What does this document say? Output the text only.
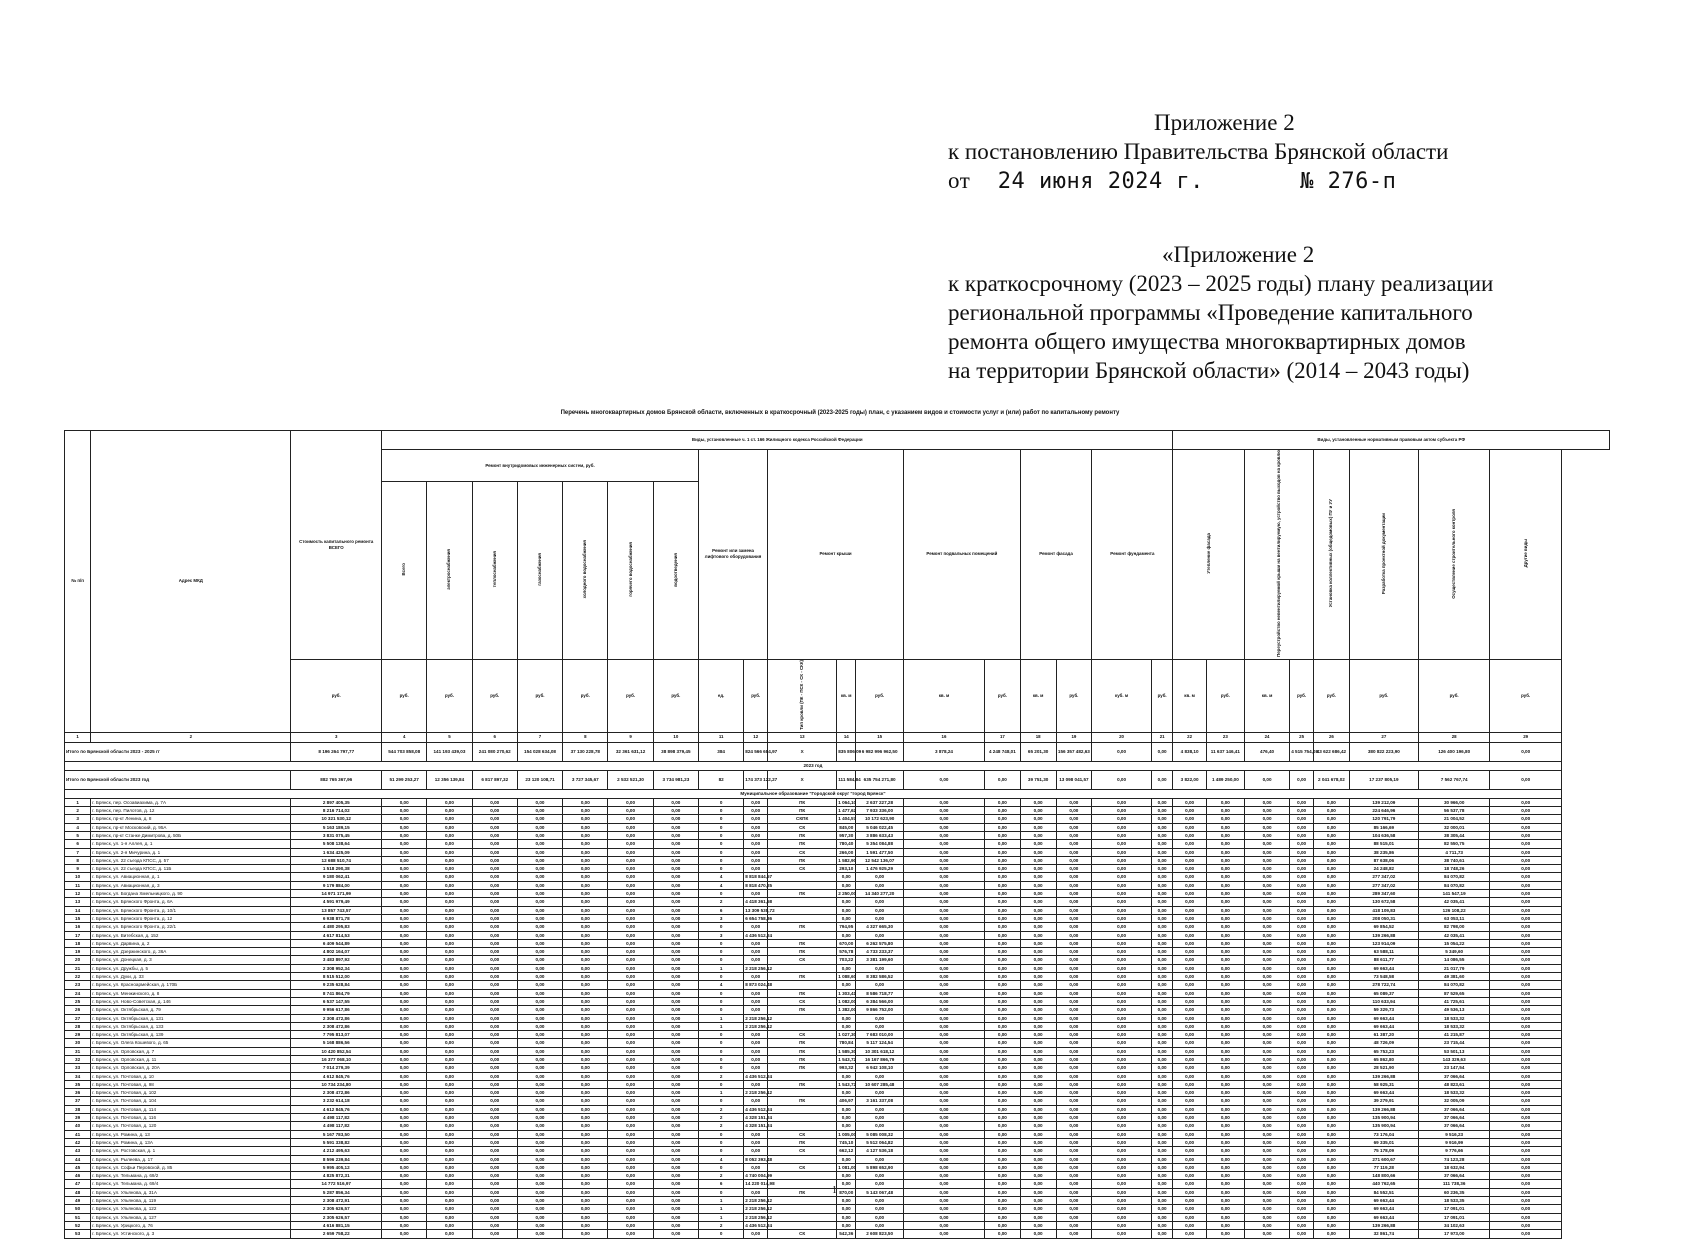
Приложение 2
к постановлению Правительства Брянской области
от 24 июня 2024 г.	№ 276-п
«Приложение 2
к краткосрочному (2023 – 2025 годы) плану реализации
региональной программы «Проведение капитального
ремонта общего имущества многоквартирных домов
на территории Брянской области» (2014 – 2043 годы)
Перечень многоквартирных домов Брянской области, включенных в краткосрочный (2023-2025 годы) план, с указанием видов и стоимости услуг и (или) работ по капитальному ремонту
№ п/п	Адрес МКД	Стоимость капитального ремонта ВСЕГО	Виды, установленные ч. 1 ст. 166 Жилищного кодекса Российской Федерации																		Виды, установленные нормативным правовым актом субъекта РФ							
			Ремонт внутридомовых инженерных систем, руб.							Ремонт или замена лифтового оборудования		Ремонт крыши			Ремонт подвальных помещений		Ремонт фасада		Ремонт фундамента		Утепление фасада		Переустройство невентилируемой крыши на вентилируемую, устройство выходов на кровлю		Установка коллективных (общедомовых) ПУ и УУ	Разработка проектной документации	Осуществление строительного контроля	Другие виды
			Всего	электроснабжения	теплоснабжения	газоснабжения	холодного водоснабжения	горячего водоснабжения	водоотведения																			
		руб.	руб.	руб.	руб.	руб.	руб.	руб.	руб.	ед.	руб.	Тип кровли (ПК - ПСК - СК - СКК)	кв. м	руб.	кв. м	руб.	кв. м	руб.	куб. м	руб.	кв. м	руб.	кв. м	руб.	руб.	руб.	руб.	руб.
1	2	3	4	5	6	7	8	9	10	11	12	13	14	15	16	17	18	19	20	21	22	23	24	25	26	27	28	29
Итого по Брянской области 2023 - 2025 гг		8 196 264 797,77	544 703 858,08	141 193 439,03	241 080 270,62	154 028 634,08	37 130 228,78	32 361 631,12	38 898 379,45	384	824 566 684,97	Х	835 806,09	6 982 996 962,50	3 878,24	4 248 748,01	65 201,30	156 357 482,63	0,00	0,00	4 838,10	11 637 146,41	476,40	4 515 754,08	43 622 686,42	380 822 223,90	126 400 196,80	0,00
2023 год																												
Итого по Брянской области 2023 год		882 765 367,96	51 299 253,27	12 356 139,84	6 817 897,32	23 120 108,71	3 727 345,67	2 532 521,30	3 734 981,23	82	174 373 122,27	Х	111 584,84	635 754 271,80	0,00	0,00	39 751,30	13 098 041,57	0,00	0,00	3 822,00	1 489 250,00	0,00	0,00	2 041 678,02	17 237 805,19	7 562 767,74	0,00
Муниципальное образование "Городской округ "город Брянск"																												
1	г. Брянск, пер. Осоавиахима, д. 7А	2 897 405,35	0,00	0,00	0,00	0,00	0,00	0,00	0,00	0	0,00	ПК	1 064,10	2 637 227,28	0,00	0,00	0,00	0,00	0,00	0,00	0,00	0,00	0,00	0,00	0,00	139 212,09	30 966,00	0,00
2	г. Брянск, пер. Пилотов, д. 12	8 216 714,02	0,00	0,00	0,00	0,00	0,00	0,00	0,00	0	0,00	ПК	1 477,62	7 933 336,00	0,00	0,00	0,00	0,00	0,00	0,00	0,00	0,00	0,00	0,00	0,00	224 646,96	56 537,78	0,00
3	г. Брянск, пр-кт Ленина, д. 8	10 321 530,12	0,00	0,00	0,00	0,00	0,00	0,00	0,00	0	0,00	СКПК	1 404,57	10 172 623,90	0,00	0,00	0,00	0,00	0,00	0,00	0,00	0,00	0,00	0,00	0,00	120 791,79	21 004,52	0,00
4	г. Брянск, пр-кт Московский, д. 95А	5 163 189,15	0,00	0,00	0,00	0,00	0,00	0,00	0,00	0	0,00	СК	845,00	5 046 022,45	0,00	0,00	0,00	0,00	0,00	0,00	0,00	0,00	0,00	0,00	0,00	85 166,69	32 000,01	0,00
5	г. Брянск, пр-кт Станке Димитрова, д. 50Б	3 831 075,45	0,00	0,00	0,00	0,00	0,00	0,00	0,00	0	0,00	ПК	957,30	3 886 633,43	0,00	0,00	0,00	0,00	0,00	0,00	0,00	0,00	0,00	0,00	0,00	104 636,58	38 305,44	0,00
6	г. Брянск, ул. 1-я Аллея, д. 1	5 508 138,64	0,00	0,00	0,00	0,00	0,00	0,00	0,00	0	0,00	ПК	780,40	5 354 084,88	0,00	0,00	0,00	0,00	0,00	0,00	0,00	0,00	0,00	0,00	0,00	88 515,01	82 550,75	0,00
7	г. Брянск, ул. 2-я Мичурина, д. 1	1 634 425,09	0,00	0,00	0,00	0,00	0,00	0,00	0,00	0	0,00	СК	266,00	1 591 477,50	0,00	0,00	0,00	0,00	0,00	0,00	0,00	0,00	0,00	0,00	0,00	38 235,86	4 711,73	0,00
8	г. Брянск, ул. 22 съезда КПСС, д. 57	12 688 510,74	0,00	0,00	0,00	0,00	0,00	0,00	0,00	0	0,00	ПК	1 582,90	12 542 136,07	0,00	0,00	0,00	0,00	0,00	0,00	0,00	0,00	0,00	0,00	0,00	87 638,06	38 740,61	0,00
9	г. Брянск, ул. 22 съезда КПСС, д. 11Б	1 518 290,38	0,00	0,00	0,00	0,00	0,00	0,00	0,00	0	0,00	СК	293,10	1 476 925,29	0,00	0,00	0,00	0,00	0,00	0,00	0,00	0,00	0,00	0,00	0,00	24 248,82	18 748,26	0,00
10	г. Брянск, ул. Авиационная, д. 1	9 180 062,41	0,00	0,00	0,00	0,00	0,00	0,00	0,00	4	8 818 844,57		0,00	0,00	0,00	0,00	0,00	0,00	0,00	0,00	0,00	0,00	0,00	0,00	0,00	277 347,02	84 070,82	0,00
11	г. Брянск, ул. Авиационная, д. 3	9 179 884,00	0,00	0,00	0,00	0,00	0,00	0,00	0,00	4	8 818 470,25		0,00	0,00	0,00	0,00	0,00	0,00	0,00	0,00	0,00	0,00	0,00	0,00	0,00	277 347,02	84 070,82	0,00
12	г. Брянск, ул. Богдана Хмельницкого, д. 90	14 971 171,99	0,00	0,00	0,00	0,00	0,00	0,00	0,00	0	0,00	ПК	2 250,00	14 340 277,20	0,00	0,00	0,00	0,00	0,00	0,00	0,00	0,00	0,00	0,00	0,00	289 347,60	141 547,19	0,00
13	г. Брянск, ул. Брянского Фронта, д. 6А	4 591 979,49	0,00	0,00	0,00	0,00	0,00	0,00	0,00	2	4 418 361,58		0,00	0,00	0,00	0,00	0,00	0,00	0,00	0,00	0,00	0,00	0,00	0,00	0,00	130 672,58	42 035,41	0,00
14	г. Брянск, ул. Брянского Фронта, д. 10/1	13 857 743,57	0,00	0,00	0,00	0,00	0,00	0,00	0,00	6	13 309 538,72		0,00	0,00	0,00	0,00	0,00	0,00	0,00	0,00	0,00	0,00	0,00	0,00	0,00	418 109,83	126 108,22	0,00
15	г. Брянск, ул. Брянского Фронта, д. 12	6 938 871,78	0,00	0,00	0,00	0,00	0,00	0,00	0,00	3	6 654 758,36		0,00	0,00	0,00	0,00	0,00	0,00	0,00	0,00	0,00	0,00	0,00	0,00	0,00	208 050,31	63 053,11	0,00
16	г. Брянск, ул. Брянского Фронта, д. 22/1	4 480 295,83	0,00	0,00	0,00	0,00	0,00	0,00	0,00	0	0,00	ПК	794,95	4 327 665,30	0,00	0,00	0,00	0,00	0,00	0,00	0,00	0,00	0,00	0,00	0,00	69 854,52	82 798,00	0,00
17	г. Брянск, ул. Витебская, д. 152	4 617 814,53	0,00	0,00	0,00	0,00	0,00	0,00	0,00	3	4 436 512,24		0,00	0,00	0,00	0,00	0,00	0,00	0,00	0,00	0,00	0,00	0,00	0,00	0,00	139 266,88	42 035,41	0,00
18	г. Брянск, ул. Дарвина, д. 2	6 409 544,89	0,00	0,00	0,00	0,00	0,00	0,00	0,00	0	0,00	ПК	670,00	6 262 575,80	0,00	0,00	0,00	0,00	0,00	0,00	0,00	0,00	0,00	0,00	0,00	123 914,09	15 054,22	0,00
19	г. Брянск, ул. Дзержинского, д. 36А	4 802 164,07	0,00	0,00	0,00	0,00	0,00	0,00	0,00	0	0,00	ПК	576,78	4 733 233,37	0,00	0,00	0,00	0,00	0,00	0,00	0,00	0,00	0,00	0,00	0,00	63 588,11	5 349,60	0,00
20	г. Брянск, ул. Донецкая, д. 3	3 483 897,92	0,00	0,00	0,00	0,00	0,00	0,00	0,00	0	0,00	СК	703,22	3 381 199,60	0,00	0,00	0,00	0,00	0,00	0,00	0,00	0,00	0,00	0,00	0,00	88 611,77	14 086,55	0,00
21	г. Брянск, ул. Дружбы, д. 5	2 308 952,34	0,00	0,00	0,00	0,00	0,00	0,00	0,00	1	2 218 256,12		0,00	0,00	0,00	0,00	0,00	0,00	0,00	0,00	0,00	0,00	0,00	0,00	0,00	69 663,44	21 017,79	0,00
22	г. Брянск, ул. Дуки, д. 33	8 515 512,00	0,00	0,00	0,00	0,00	0,00	0,00	0,00	0	0,00	ПК	1 088,60	8 382 586,52	0,00	0,00	0,00	0,00	0,00	0,00	0,00	0,00	0,00	0,00	0,00	73 548,58	49 381,60	0,00
23	г. Брянск, ул. Красноармейская, д. 170Б	9 235 628,84	0,00	0,00	0,00	0,00	0,00	0,00	0,00	4	8 873 024,48		0,00	0,00	0,00	0,00	0,00	0,00	0,00	0,00	0,00	0,00	0,00	0,00	0,00	278 722,74	84 070,82	0,00
24	г. Брянск, ул. Менжинского, д. 8	8 741 864,79	0,00	0,00	0,00	0,00	0,00	0,00	0,00	0	0,00	ПК	1 303,41	8 586 718,77	0,00	0,00	0,00	0,00	0,00	0,00	0,00	0,00	0,00	0,00	0,00	65 089,37	87 529,65	0,00
25	г. Брянск, ул. Ново-Советская, д. 146	6 537 147,55	0,00	0,00	0,00	0,00	0,00	0,00	0,00	0	0,00	СК	1 082,00	6 384 566,00	0,00	0,00	0,00	0,00	0,00	0,00	0,00	0,00	0,00	0,00	0,00	110 633,94	41 725,61	0,00
26	г. Брянск, ул. Октябрьская, д. 79	9 956 617,86	0,00	0,00	0,00	0,00	0,00	0,00	0,00	0	0,00	ПК	1 382,00	9 866 752,00	0,00	0,00	0,00	0,00	0,00	0,00	0,00	0,00	0,00	0,00	0,00	59 329,73	49 536,13	0,00
27	г. Брянск, ул. Октябрьская, д. 131	2 308 472,86	0,00	0,00	0,00	0,00	0,00	0,00	0,00	1	2 218 256,12		0,00	0,00	0,00	0,00	0,00	0,00	0,00	0,00	0,00	0,00	0,00	0,00	0,00	69 663,44	18 533,32	0,00
28	г. Брянск, ул. Октябрьская, д. 133	2 308 472,86	0,00	0,00	0,00	0,00	0,00	0,00	0,00	1	2 218 256,12		0,00	0,00	0,00	0,00	0,00	0,00	0,00	0,00	0,00	0,00	0,00	0,00	0,00	69 663,44	18 533,32	0,00
29	г. Брянск, ул. Октябрьская, д. 139	7 795 813,07	0,00	0,00	0,00	0,00	0,00	0,00	0,00	0	0,00	СК	1 027,30	7 683 010,00	0,00	0,00	0,00	0,00	0,00	0,00	0,00	0,00	0,00	0,00	0,00	61 387,20	41 215,87	0,00
30	г. Брянск, ул. Олега Кошевого, д. 65	5 168 886,56	0,00	0,00	0,00	0,00	0,00	0,00	0,00	0	0,00	ПК	780,84	5 117 124,54	0,00	0,00	0,00	0,00	0,00	0,00	0,00	0,00	0,00	0,00	0,00	48 726,09	23 715,44	0,00
31	г. Брянск, ул. Орловская, д. 7	10 420 852,54	0,00	0,00	0,00	0,00	0,00	0,00	0,00	0	0,00	ПК	1 585,30	10 301 618,12	0,00	0,00	0,00	0,00	0,00	0,00	0,00	0,00	0,00	0,00	0,00	65 753,23	53 501,13	0,00
32	г. Брянск, ул. Орловская, д. 11	16 377 068,10	0,00	0,00	0,00	0,00	0,00	0,00	0,00	0	0,00	ПК	1 543,72	16 167 866,79	0,00	0,00	0,00	0,00	0,00	0,00	0,00	0,00	0,00	0,00	0,00	65 862,80	143 329,63	0,00
33	г. Брянск, ул. Орловская, д. 20А	7 014 279,39	0,00	0,00	0,00	0,00	0,00	0,00	0,00	0	0,00	ПК	993,32	6 942 108,10	0,00	0,00	0,00	0,00	0,00	0,00	0,00	0,00	0,00	0,00	0,00	28 521,90	23 147,54	0,00
34	г. Брянск, ул. Почтовая, д. 10	4 612 845,76	0,00	0,00	0,00	0,00	0,00	0,00	0,00	2	4 436 512,24		0,00	0,00	0,00	0,00	0,00	0,00	0,00	0,00	0,00	0,00	0,00	0,00	0,00	139 266,88	37 066,64	0,00
35	г. Брянск, ул. Почтовая, д. 98	10 734 234,80	0,00	0,00	0,00	0,00	0,00	0,00	0,00	0	0,00	ПК	1 543,72	10 607 285,48	0,00	0,00	0,00	0,00	0,00	0,00	0,00	0,00	0,00	0,00	0,00	58 925,31	48 823,61	0,00
36	г. Брянск, ул. Почтовая, д. 102	2 308 472,86	0,00	0,00	0,00	0,00	0,00	0,00	0,00	1	2 218 256,12		0,00	0,00	0,00	0,00	0,00	0,00	0,00	0,00	0,00	0,00	0,00	0,00	0,00	69 663,44	18 533,32	0,00
37	г. Брянск, ул. Почтовая, д. 104	3 232 614,18	0,00	0,00	0,00	0,00	0,00	0,00	0,00	0	0,00	ПК	406,97	3 161 337,08	0,00	0,00	0,00	0,00	0,00	0,00	0,00	0,00	0,00	0,00	0,00	39 279,91	32 005,09	0,00
38	г. Брянск, ул. Почтовая, д. 114	4 612 845,76	0,00	0,00	0,00	0,00	0,00	0,00	0,00	2	4 436 512,24		0,00	0,00	0,00	0,00	0,00	0,00	0,00	0,00	0,00	0,00	0,00	0,00	0,00	139 266,88	37 066,64	0,00
39	г. Брянск, ул. Почтовая, д. 116	4 498 117,82	0,00	0,00	0,00	0,00	0,00	0,00	0,00	2	4 328 151,24		0,00	0,00	0,00	0,00	0,00	0,00	0,00	0,00	0,00	0,00	0,00	0,00	0,00	135 900,94	37 066,64	0,00
40	г. Брянск, ул. Почтовая, д. 120	4 498 117,82	0,00	0,00	0,00	0,00	0,00	0,00	0,00	2	4 328 151,24		0,00	0,00	0,00	0,00	0,00	0,00	0,00	0,00	0,00	0,00	0,00	0,00	0,00	135 900,94	37 066,64	0,00
41	г. Брянск, ул. Ромина, д. 13	5 167 783,50	0,00	0,00	0,00	0,00	0,00	0,00	0,00	0	0,00	СК	1 005,00	5 085 008,32	0,00	0,00	0,00	0,00	0,00	0,00	0,00	0,00	0,00	0,00	0,00	73 176,04	9 516,23	0,00
42	г. Брянск, ул. Ромина, д. 13А	5 591 338,82	0,00	0,00	0,00	0,00	0,00	0,00	0,00	0	0,00	ПК	745,10	5 512 064,82	0,00	0,00	0,00	0,00	0,00	0,00	0,00	0,00	0,00	0,00	0,00	69 335,01	9 916,99	0,00
43	г. Брянск, ул. Ростовская, д. 1	4 212 495,63	0,00	0,00	0,00	0,00	0,00	0,00	0,00	0	0,00	СК	662,12	4 127 536,18	0,00	0,00	0,00	0,00	0,00	0,00	0,00	0,00	0,00	0,00	0,00	75 178,09	9 776,66	0,00
44	г. Брянск, ул. Рылеева, д. 17	8 596 239,84	0,00	0,00	0,00	0,00	0,00	0,00	0,00	4	8 052 393,48		0,00	0,00	0,00	0,00	0,00	0,00	0,00	0,00	0,00	0,00	0,00	0,00	0,00	271 600,67	74 123,28	0,00
45	г. Брянск, ул. Софьи Перовской, д. 85	5 995 405,12	0,00	0,00	0,00	0,00	0,00	0,00	0,00	0	0,00	СК	1 081,00	5 898 652,90	0,00	0,00	0,00	0,00	0,00	0,00	0,00	0,00	0,00	0,00	0,00	77 119,28	18 632,94	0,00
46	г. Брянск, ул. Тельмана, д. 69/2	4 825 872,31	0,00	0,00	0,00	0,00	0,00	0,00	0,00	2	4 740 004,99		0,00	0,00	0,00	0,00	0,00	0,00	0,00	0,00	0,00	0,00	0,00	0,00	0,00	148 800,66	37 066,64	0,00
47	г. Брянск, ул. Тельмана, д. 69/4	14 772 516,97	0,00	0,00	0,00	0,00	0,00	0,00	0,00	6	14 220 014,98		0,00	0,00	0,00	0,00	0,00	0,00	0,00	0,00	0,00	0,00	0,00	0,00	0,00	440 762,65	111 738,36	0,00
48	г. Брянск, ул. Ульянова, д. 31А	5 287 856,34	0,00	0,00	0,00	0,00	0,00	0,00	0,00	0	0,00	ПК	870,00	5 143 067,48	0,00	0,00	0,00	0,00	0,00	0,00	0,00	0,00	0,00	0,00	0,00	84 552,51	60 236,35	0,00
49	г. Брянск, ул. Ульянова, д. 119	2 308 472,91	0,00	0,00	0,00	0,00	0,00	0,00	0,00	1	2 218 256,12		0,00	0,00	0,00	0,00	0,00	0,00	0,00	0,00	0,00	0,00	0,00	0,00	0,00	69 663,44	18 533,35	0,00
50	г. Брянск, ул. Ульянова, д. 122	2 305 626,57	0,00	0,00	0,00	0,00	0,00	0,00	0,00	1	2 218 256,12		0,00	0,00	0,00	0,00	0,00	0,00	0,00	0,00	0,00	0,00	0,00	0,00	0,00	69 663,44	17 091,01	0,00
51	г. Брянск, ул. Ульянова, д. 127	2 305 626,57	0,00	0,00	0,00	0,00	0,00	0,00	0,00	1	2 218 256,12		0,00	0,00	0,00	0,00	0,00	0,00	0,00	0,00	0,00	0,00	0,00	0,00	0,00	69 663,44	17 091,01	0,00
52	г. Брянск, ул. Урицкого, д. 76	4 616 881,15	0,00	0,00	0,00	0,00	0,00	0,00	0,00	2	4 436 512,24		0,00	0,00	0,00	0,00	0,00	0,00	0,00	0,00	0,00	0,00	0,00	0,00	0,00	139 266,88	34 102,63	0,00
53	г. Брянск, ул. Устинского, д. 3	2 659 758,22	0,00	0,00	0,00	0,00	0,00	0,00	0,00	0	0,00	СК	542,36	2 608 823,50	0,00	0,00	0,00	0,00	0,00	0,00	0,00	0,00	0,00	0,00	0,00	32 861,74	17 973,00	0,00
1
